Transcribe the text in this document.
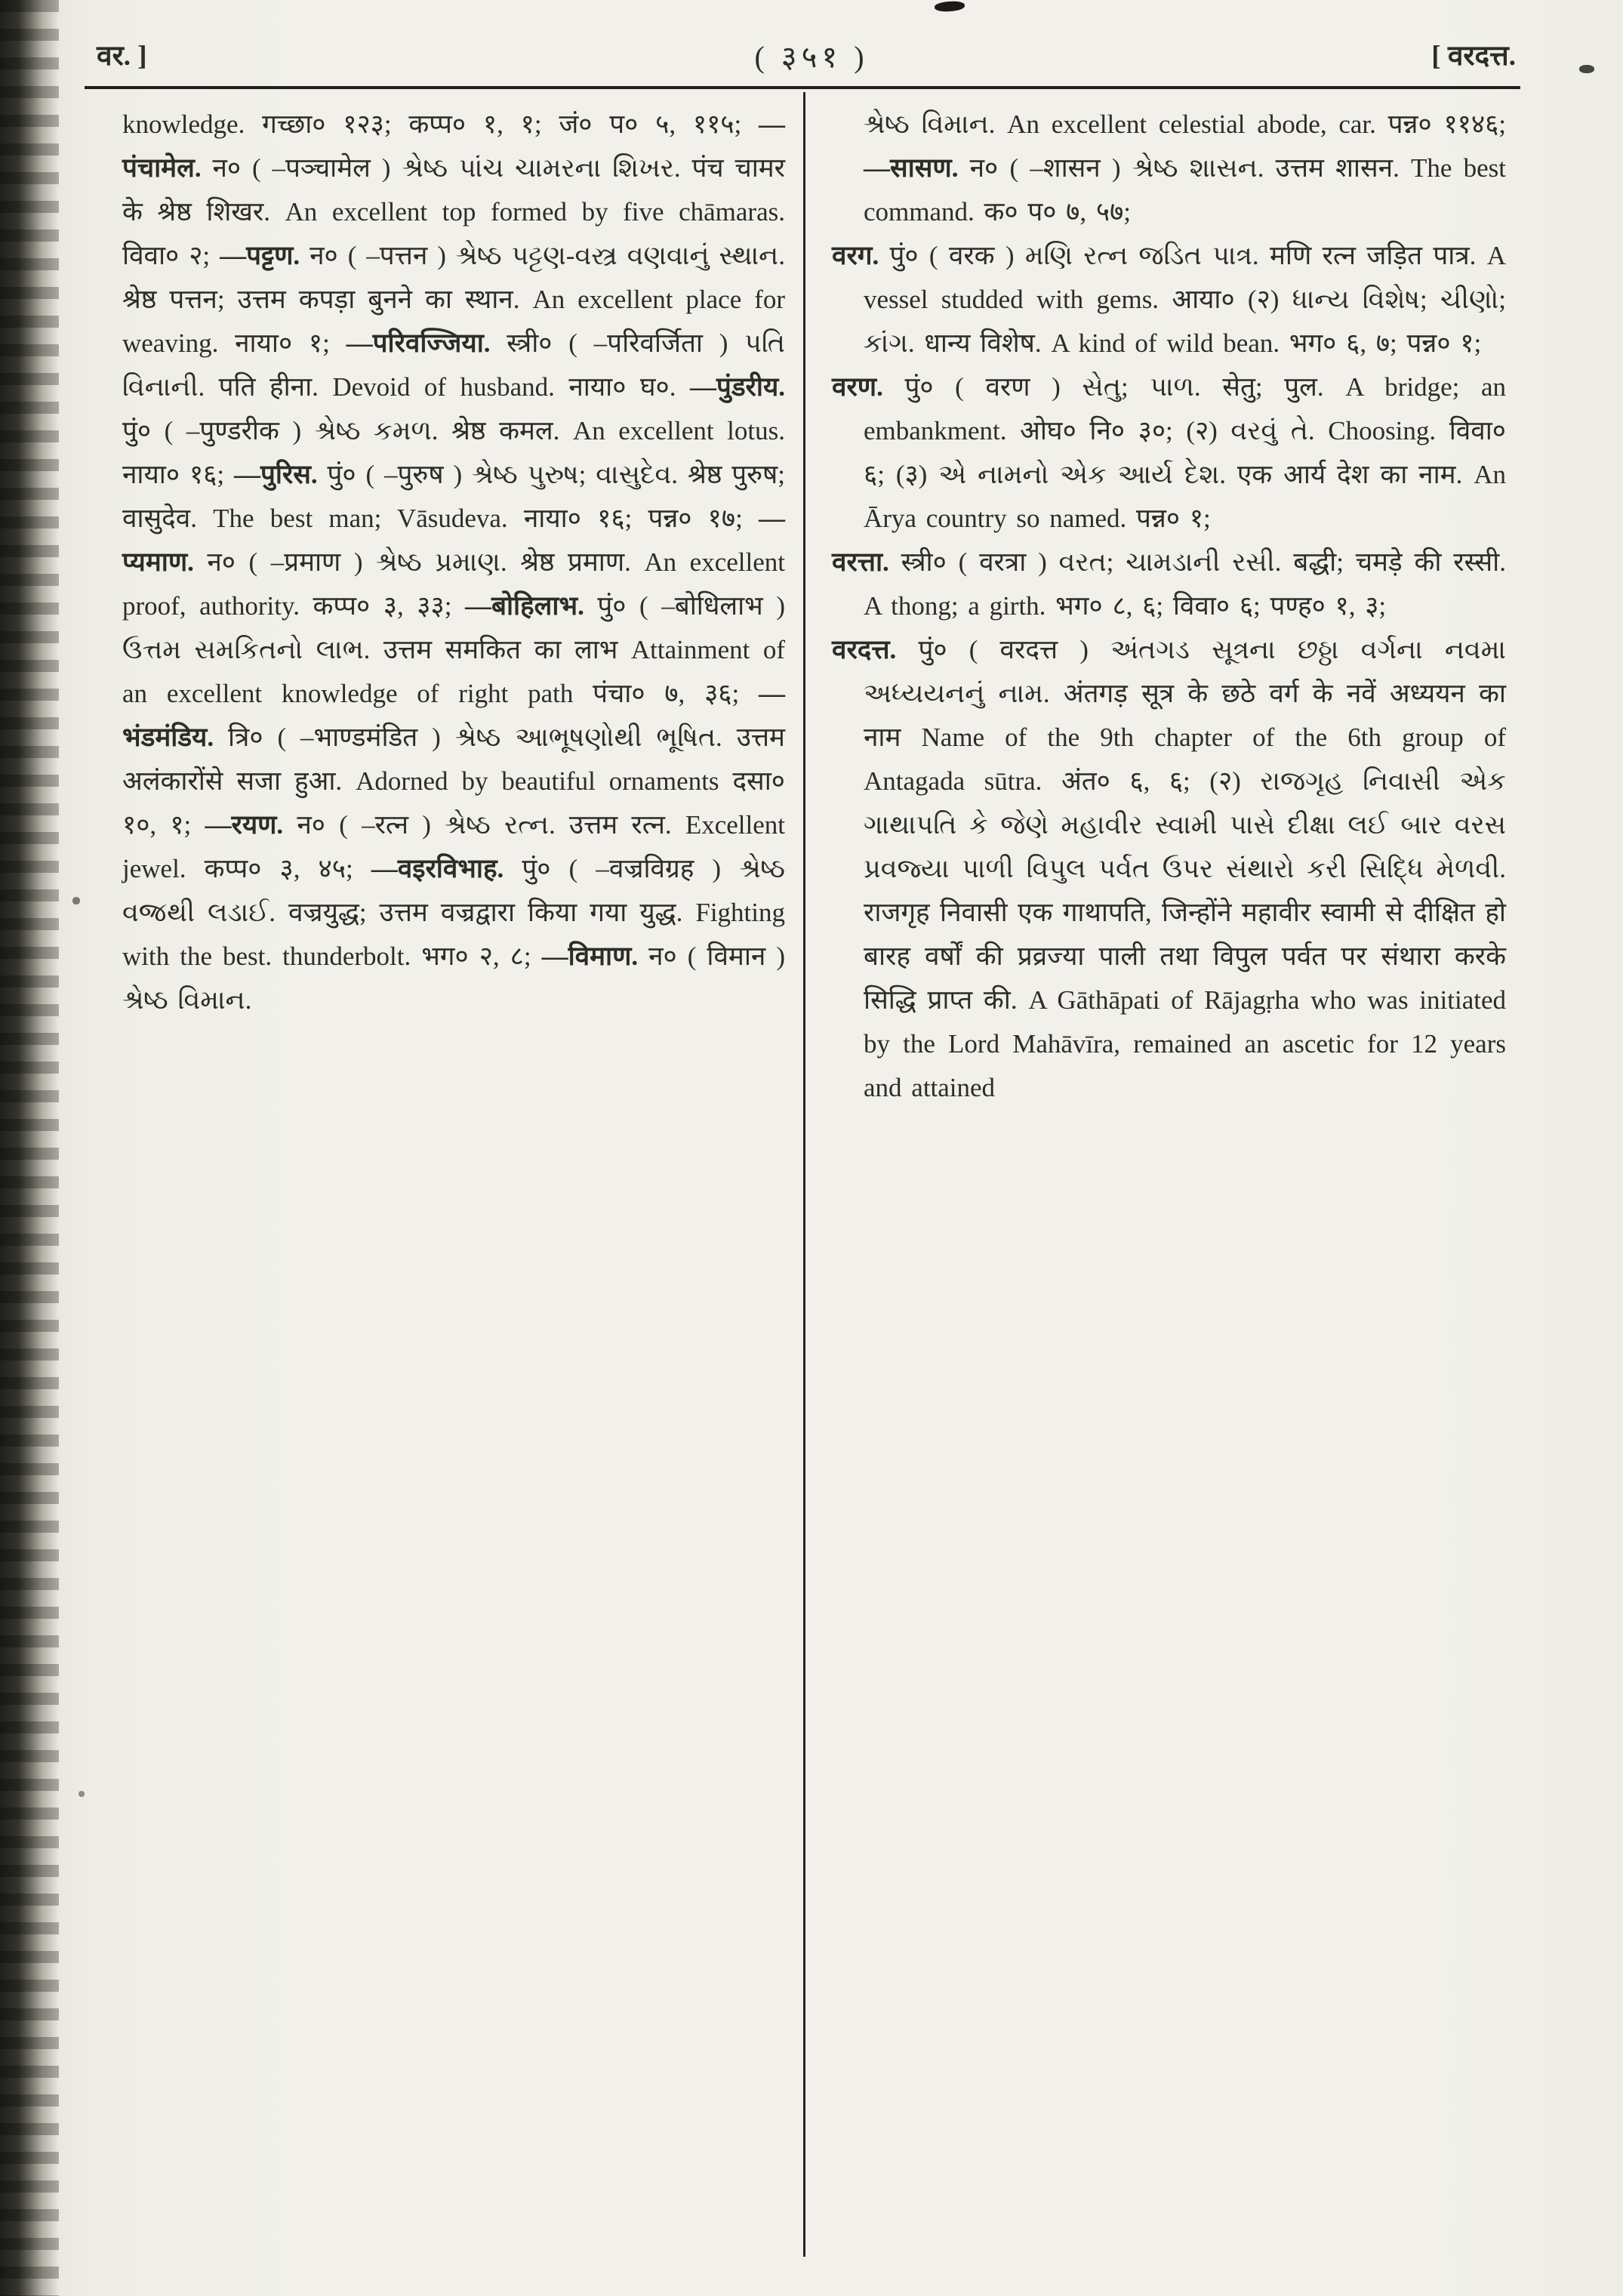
वर. ]	( ३५१ )	[ वरदत्त.

knowledge. गच्छा० १२३; कप्प० १, १; जं० प० ५, ११५; —पंचामेल. न० ( –पञ्चामेल ) શ્રેષ્ઠ પાંચ ચામરના શિખર. पंच चामर के श्रेष्ठ शिखर. An excellent top formed by five chāmaras. विवा० २; —पट्टण. न० ( –पत्तन ) શ્રેષ્ઠ પટ્ટણ-વસ્ત્ર વણવાનું સ્થાન. श्रेष्ठ पत्तन; उत्तम कपड़ा बुनने का स्थान. An excellent place for weaving. नाया० १; —परिवज्जिया. स्त्री० ( –परिवर्जिता ) પતિ વિનાની. पति हीना. Devoid of husband. नाया० घ०. —पुंडरीय. पुं० ( –पुण्डरीक ) શ્રેષ્ઠ કમળ. श्रेष्ठ कमल. An excellent lotus. नाया० १६; —पुरिस. पुं० ( –पुरुष ) શ્રેષ્ઠ પુરુષ; વાસુદેવ. श्रेष्ठ पुरुष; वासुदेव. The best man; Vāsudeva. नाया० १६; पन्न० १७; —प्यमाण. न० ( –प्रमाण ) શ્રેષ્ઠ પ્રમાણ. श्रेष्ठ प्रमाण. An excellent proof, authority. कप्प० ३, ३३; —बोहिलाभ. पुं० ( –बोधिलाभ ) ઉત્તમ સમકિતનો લાભ. उत्तम समकित का लाभ Attainment of an excellent knowledge of right path पंचा० ७, ३६; —भंडमंडिय. त्रि० ( –भाण्डमंडित ) શ્રેષ્ઠ આભૂષણોથી ભૂષિત. उत्तम अलंकारोंसे सजा हुआ. Adorned by beautiful ornaments दसा० १०, १; —रयण. न० ( –रत्न ) શ્રેષ્ઠ રત્ન. उत्तम रत्न. Excellent jewel. कप्प० ३, ४५; —वइरविभाह. पुं० ( –वज्रविग्रह ) શ્રેષ્ઠ વજ્રથી લડાઈ. वज्रयुद्ध; उत्तम वज्रद्वारा किया गया युद्ध. Fighting with the best. thunderbolt. भग० २, ८; —विमाण. न० ( विमान ) શ્રેષ્ઠ વિમાન.

શ્રેષ્ઠ વિમાન. An excellent celestial abode, car. पन्न० ११४६; —सासण. न० ( –शासन ) શ્રેષ્ઠ શાસન. उत्तम शासन. The best command. क० प० ७, ५७;

वरग. पुं० ( वरक ) મણિ રત્ન જડિત પાત્ર. मणि रत्न जड़ित पात्र. A vessel studded with gems. आया० (२) ધાન્ય વિશેષ; ચીણો; કાંગ. धान्य विशेष. A kind of wild bean. भग० ६, ७; पन्न० १;

वरण. पुं० ( वरण ) સેતુ; પાળ. सेतु; पुल. A bridge; an embankment. ओघ० नि० ३०; (२) વરવું તે. Choosing. विवा० ६; (३) એ નામનો એક આર્ય દેશ. एक आर्य देश का नाम. An Ārya country so named. पन्न० १;

वरत्ता. स्त्री० ( वरत्रा ) વરત; ચામડાની રસી. बद्धी; चमड़े की रस्सी. A thong; a girth. भग० ८, ६; विवा० ६; पण्ह० १, ३;

वरदत्त. पुं० ( वरदत्त ) અંતગડ સૂત્રના છઠ્ઠા વર્ગના નવમા અધ્યયનનું નામ. अंतगड़ सूत्र के छठे वर्ग के नवें अध्ययन का नाम Name of the 9th chapter of the 6th group of Antagada sūtra. अंत० ६, ६; (२) રાજગૃહ નિવાસી એક ગાથાપતિ કે જેણે મહાવીર સ્વામી પાસે દીક્ષા લઈ બાર વરસ પ્રવજ્યા પાળી વિપુલ પર્વત ઉપર સંથારો કરી સિદ્ધિ મેળવી. राजगृह निवासी एक गाथापति, जिन्होंने महावीर स्वामी से दीक्षित हो बारह वर्षों की प्रव्रज्या पाली तथा विपुल पर्वत पर संथारा करके सिद्धि प्राप्त की. A Gāthāpati of Rājagṛha who was initiated by the Lord Mahāvīra, remained an ascetic for 12 years and attained
